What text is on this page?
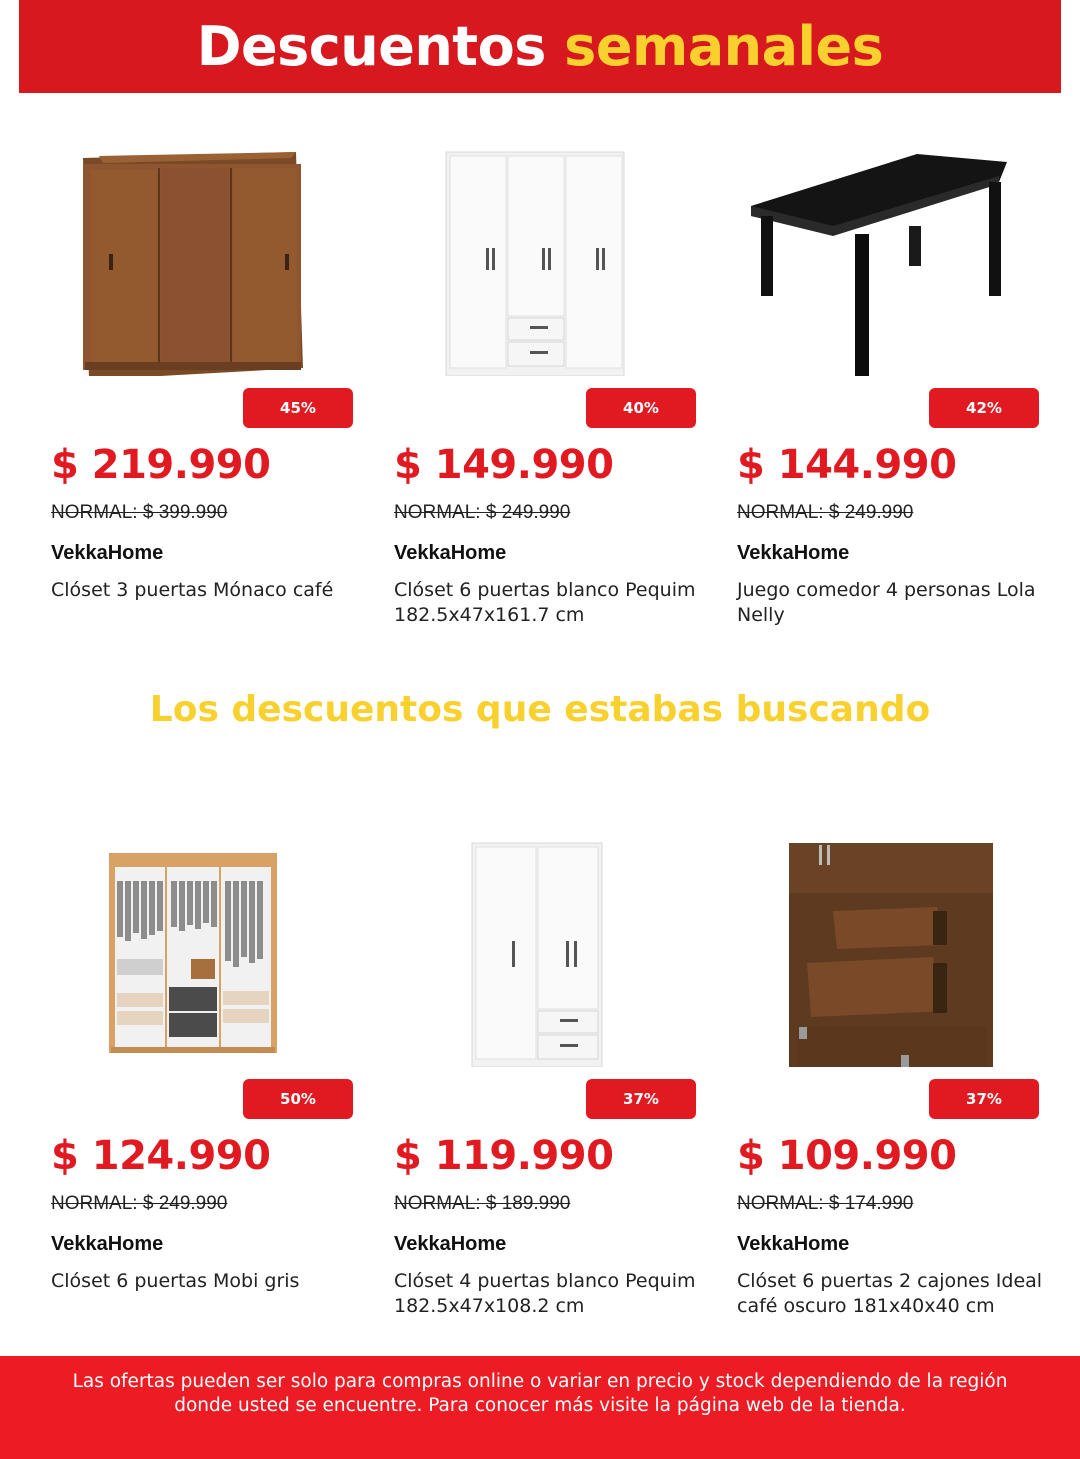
Descuentos semanales
45%
$ 219.990
NORMAL: $ 399.990
VekkaHome
Clóset 3 puertas Mónaco café
40%
$ 149.990
NORMAL: $ 249.990
VekkaHome
Clóset 6 puertas blanco Pequim 182.5x47x161.7 cm
42%
$ 144.990
NORMAL: $ 249.990
VekkaHome
Juego comedor 4 personas Lola Nelly
Los descuentos que estabas buscando
50%
$ 124.990
NORMAL: $ 249.990
VekkaHome
Clóset 6 puertas Mobi gris
37%
$ 119.990
NORMAL: $ 189.990
VekkaHome
Clóset 4 puertas blanco Pequim 182.5x47x108.2 cm
37%
$ 109.990
NORMAL: $ 174.990
VekkaHome
Clóset 6 puertas 2 cajones Ideal café oscuro 181x40x40 cm

Las ofertas pueden ser solo para compras online o variar en precio y stock dependiendo de la región donde usted se encuentre. Para conocer más visite la página web de la tienda.
